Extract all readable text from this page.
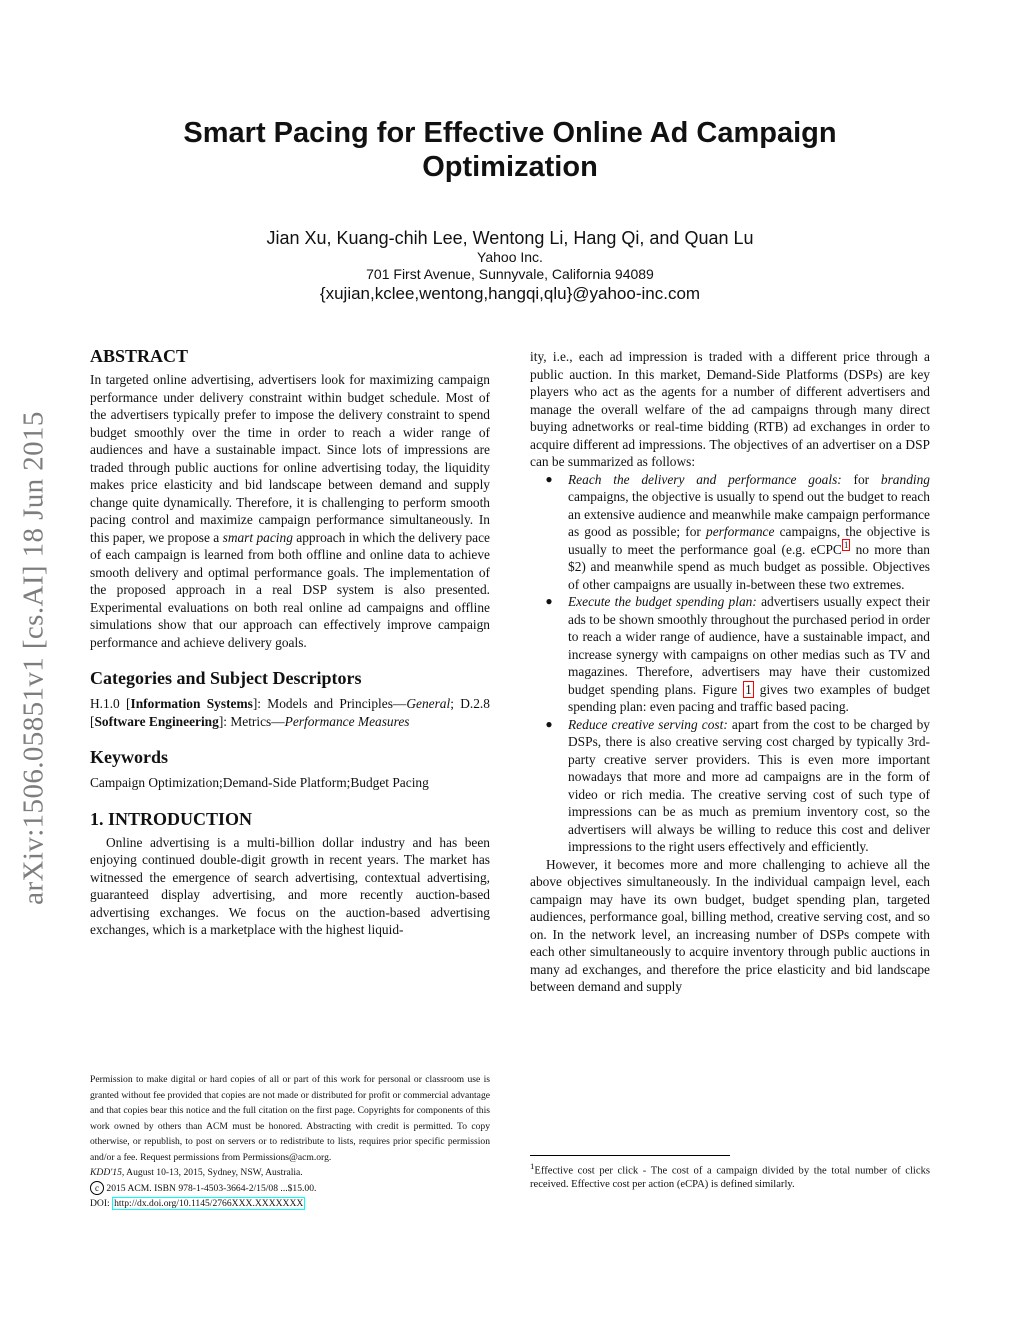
Smart Pacing for Effective Online Ad Campaign
Optimization
Jian Xu, Kuang-chih Lee, Wentong Li, Hang Qi, and Quan Lu
Yahoo Inc.
701 First Avenue, Sunnyvale, California 94089
{xujian,kclee,wentong,hangqi,qlu}@yahoo-inc.com
arXiv:1506.05851v1 [cs.AI] 18 Jun 2015
ABSTRACT

In targeted online advertising, advertisers look for maximizing campaign performance under delivery constraint within budget schedule. Most of the advertisers typically prefer to impose the delivery constraint to spend budget smoothly over the time in order to reach a wider range of audiences and have a sustainable impact. Since lots of impressions are traded through public auctions for online advertising today, the liquidity makes price elasticity and bid landscape between demand and supply change quite dynamically. Therefore, it is challenging to perform smooth pacing control and maximize campaign performance simultaneously. In this paper, we propose a smart pacing approach in which the delivery pace of each campaign is learned from both offline and online data to achieve smooth delivery and optimal performance goals. The implementation of the proposed approach in a real DSP system is also presented. Experimental evaluations on both real online ad campaigns and offline simulations show that our approach can effectively improve campaign performance and achieve delivery goals.

Categories and Subject Descriptors

H.1.0 [Information Systems]: Models and Principles—General; D.2.8 [Software Engineering]: Metrics—Performance Measures

Keywords

Campaign Optimization;Demand-Side Platform;Budget Pacing

1. INTRODUCTION

Online advertising is a multi-billion dollar industry and has been enjoying continued double-digit growth in recent years. The market has witnessed the emergence of search advertising, contextual advertising, guaranteed display advertising, and more recently auction-based advertising exchanges. We focus on the auction-based advertising exchanges, which is a marketplace with the highest liquid-

Permission to make digital or hard copies of all or part of this work for personal or classroom use is granted without fee provided that copies are not made or distributed for profit or commercial advantage and that copies bear this notice and the full citation on the first page. Copyrights for components of this work owned by others than ACM must be honored. Abstracting with credit is permitted. To copy otherwise, or republish, to post on servers or to redistribute to lists, requires prior specific permission and/or a fee. Request permissions from Permissions@acm.org.

KDD'15, August 10-13, 2015, Sydney, NSW, Australia.

c 2015 ACM. ISBN 978-1-4503-3664-2/15/08 ...$15.00.

DOI: http://dx.doi.org/10.1145/2766XXX.XXXXXXX

ity, i.e., each ad impression is traded with a different price through a public auction. In this market, Demand-Side Platforms (DSPs) are key players who act as the agents for a number of different advertisers and manage the overall welfare of the ad campaigns through many direct buying adnetworks or real-time bidding (RTB) ad exchanges in order to acquire different ad impressions. The objectives of an advertiser on a DSP can be summarized as follows:

●	Reach the delivery and performance goals: for branding campaigns, the objective is usually to spend out the budget to reach an extensive audience and meanwhile make campaign performance as good as possible; for performance campaigns, the objective is usually to meet the performance goal (e.g. eCPC $^1$ no more than $2) and meanwhile spend as much budget as possible. Objectives of other campaigns are usually in-between these two extremes.
●	Execute the budget spending plan: advertisers usually expect their ads to be shown smoothly throughout the purchased period in order to reach a wider range of audience, have a sustainable impact, and increase synergy with campaigns on other medias such as TV and magazines. Therefore, advertisers may have their customized budget spending plans. Figure 1 gives two examples of budget spending plan: even pacing and traffic based pacing.
●	Reduce creative serving cost: apart from the cost to be charged by DSPs, there is also creative serving cost charged by typically 3rd-party creative server providers. This is even more important nowadays that more and more ad campaigns are in the form of video or rich media. The creative serving cost of such type of impressions can be as much as premium inventory cost, so the advertisers will always be willing to reduce this cost and deliver impressions to the right users effectively and efficiently.

However, it becomes more and more challenging to achieve all the above objectives simultaneously. In the individual campaign level, each campaign may have its own budget, budget spending plan, targeted audiences, performance goal, billing method, creative serving cost, and so on. In the network level, an increasing number of DSPs compete with each other simultaneously to acquire inventory through public auctions in many ad exchanges, and therefore the price elasticity and bid landscape between demand and supply

$^1$Effective cost per click - The cost of a campaign divided by the total number of clicks received. Effective cost per action (eCPA) is defined similarly.
